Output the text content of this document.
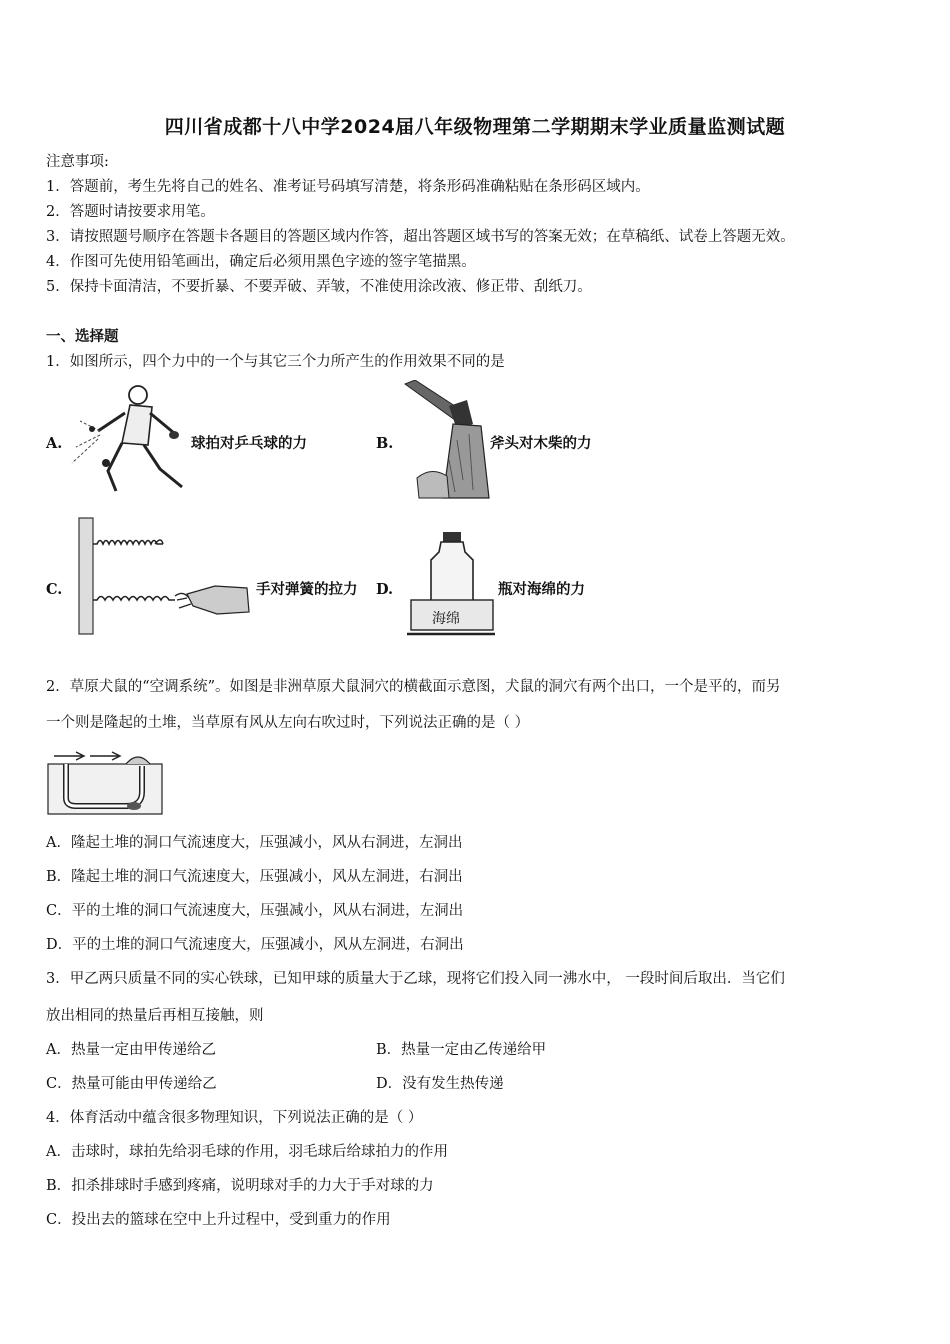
四川省成都十八中学2024届八年级物理第二学期期末学业质量监测试题
注意事项:
1．答题前，考生先将自己的姓名、准考证号码填写清楚，将条形码准确粘贴在条形码区域内。
2．答题时请按要求用笔。
3．请按照题号顺序在答题卡各题目的答题区域内作答，超出答题区域书写的答案无效；在草稿纸、试卷上答题无效。
4．作图可先使用铅笔画出，确定后必须用黑色字迹的签字笔描黑。
5．保持卡面清洁，不要折暴、不要弄破、弄皱，不准使用涂改液、修正带、刮纸刀。
一、选择题
1．如图所示，四个力中的一个与其它三个力所产生的作用效果不同的是
A.	球拍对乒乓球的力	B.	斧头对木柴的力
C.	手对弹簧的拉力 D.
海绵
瓶对海绵的力
2．草原犬鼠的“空调系统”。如图是非洲草原犬鼠洞穴的横截面示意图，犬鼠的洞穴有两个出口，一个是平的，而另
一个则是隆起的土堆，当草原有风从左向右吹过时，下列说法正确的是（ ）
A．隆起土堆的洞口气流速度大，压强减小，风从右洞进，左洞出
B．隆起土堆的洞口气流速度大，压强减小，风从左洞进，右洞出
C．平的土堆的洞口气流速度大，压强减小，风从右洞进，左洞出
D．平的土堆的洞口气流速度大，压强减小，风从左洞进，右洞出
3．甲乙两只质量不同的实心铁球，已知甲球的质量大于乙球，现将它们投入同一沸水中， 一段时间后取出．当它们
放出相同的热量后再相互接触，则
A．热量一定由甲传递给乙	B．热量一定由乙传递给甲
C．热量可能由甲传递给乙	D．没有发生热传递
4．体育活动中蕴含很多物理知识，下列说法正确的是（ ）
A．击球时，球拍先给羽毛球的作用，羽毛球后给球拍力的作用
B．扣杀排球时手感到疼痛，说明球对手的力大于手对球的力
C．投出去的篮球在空中上升过程中，受到重力的作用
